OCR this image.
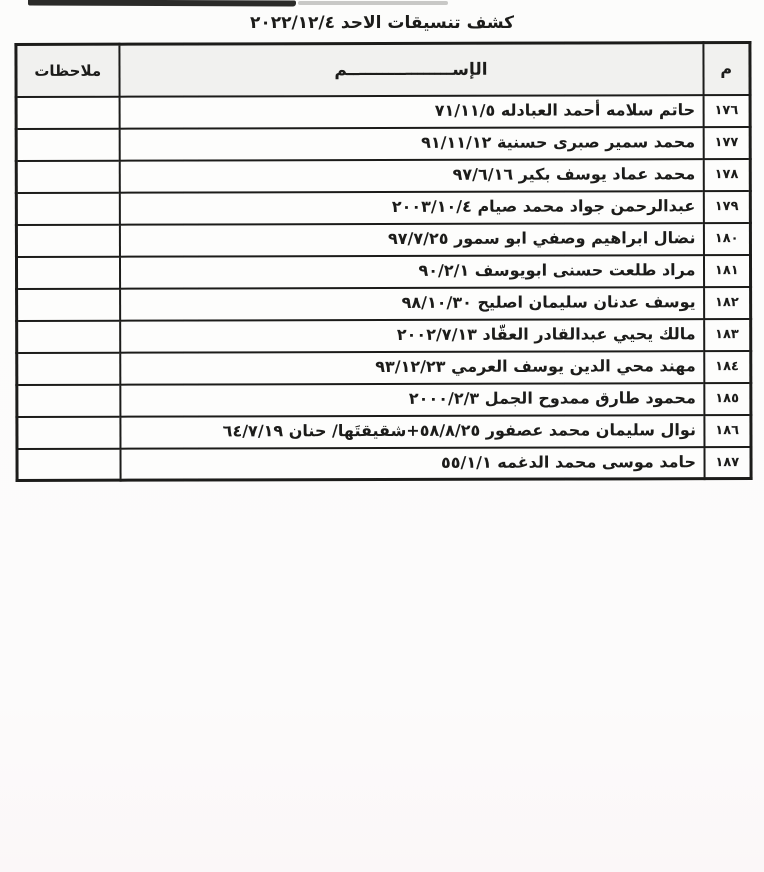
كشف تنسيقات الاحد ٢٠٢٢/١٢/٤
م	الإســــــــــــــــــم	ملاحظات
١٧٦	حاتم سلامه أحمد العبادله ٧١/١١/٥	
١٧٧	محمد سمير صبرى حسنية ٩١/١١/١٢	
١٧٨	محمد عماد يوسف بكير ٩٧/٦/١٦	
١٧٩	عبدالرحمن جواد محمد صيام ٢٠٠٣/١٠/٤	
١٨٠	نضال ابراهيم وصفي ابو سمور ٩٧/٧/٢٥	
١٨١	مراد طلعت حسنى ابويوسف ٩٠/٢/١	
١٨٢	يوسف عدنان سليمان اصليح ٩٨/١٠/٣٠	
١٨٣	مالك يحيي عبدالقادر العقّاد ٢٠٠٢/٧/١٣	
١٨٤	مهند محي الدين يوسف العرمي ٩٣/١٢/٢٣	
١٨٥	محمود طارق ممدوح الجمل ٢٠٠٠/٢/٣	
١٨٦	نوال سليمان محمد عصفور ٥٨/٨/٢٥+شقيقتَها/ حنان ٦٤/٧/١٩	
١٨٧	حامد موسى محمد الدغمه ٥٥/١/١	
